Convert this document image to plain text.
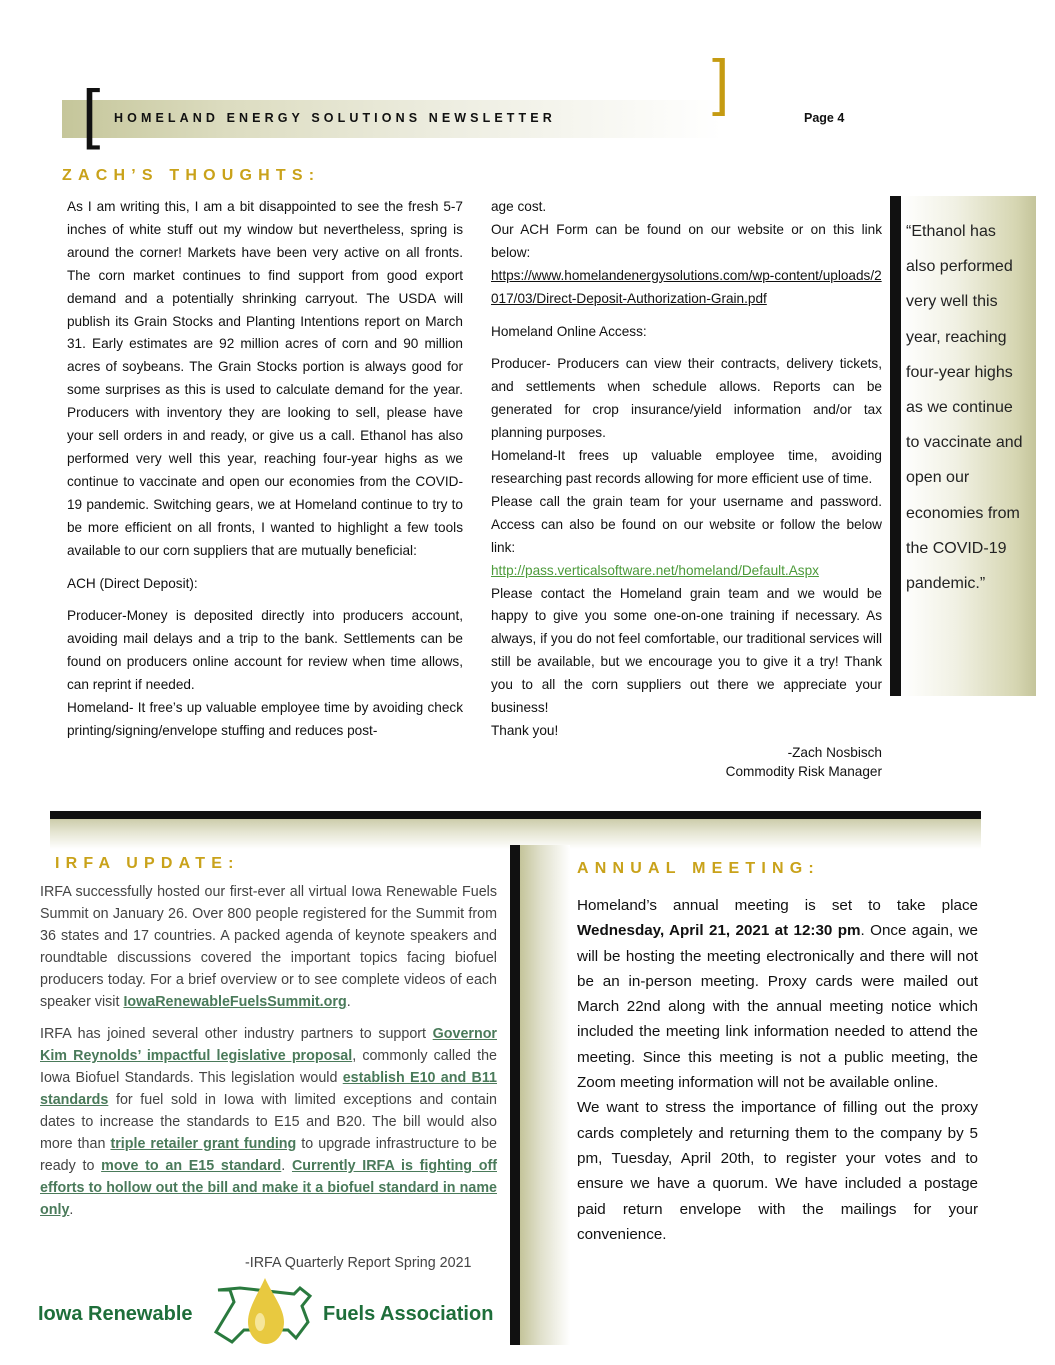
[	]
HOMELAND ENERGY SOLUTIONS NEWSLETTER	Page 4
ZACH’S THOUGHTS:

As I am writing this, I am a bit disappointed to see the fresh 5-7 inches of white stuff out my window but nevertheless, spring is around the corner! Markets have been very active on all fronts. The corn market continues to find support from good export demand and a potentially shrinking carryout. The USDA will publish its Grain Stocks and Planting Intentions report on March 31. Early estimates are 92 million acres of corn and 90 million acres of soybeans. The Grain Stocks portion is always good for some surprises as this is used to calculate demand for the year. Producers with inventory they are looking to sell, please have your sell orders in and ready, or give us a call. Ethanol has also performed very well this year, reaching four-year highs as we continue to vaccinate and open our economies from the COVID-19 pandemic. Switching gears, we at Homeland continue to try to be more efficient on all fronts, I wanted to highlight a few tools available to our corn suppliers that are mutually beneficial:

ACH (Direct Deposit):

Producer-Money is deposited directly into producers account, avoiding mail delays and a trip to the bank. Settlements can be found on producers online account for review when time allows, can reprint if needed.

Homeland- It free’s up valuable employee time by avoiding check printing/signing/envelope stuffing and reduces post-

age cost.

Our ACH Form can be found on our website or on this link below:

https://www.homelandenergysolutions.com/wp-content/uploads/2017/03/Direct-Deposit-Authorization-Grain.pdf

Homeland Online Access:

Producer- Producers can view their contracts, delivery tickets, and settlements when schedule allows. Reports can be generated for crop insurance/yield information and/or tax planning purposes.

Homeland-It frees up valuable employee time, avoiding researching past records allowing for more efficient use of time.

Please call the grain team for your username and password. Access can also be found on our website or follow the below link:

http://pass.verticalsoftware.net/homeland/Default.Aspx

Please contact the Homeland grain team and we would be happy to give you some one-on-one training if necessary. As always, if you do not feel comfortable, our traditional services will still be available, but we encourage you to give it a try! Thank you to all the corn suppliers out there we appreciate your business!

Thank you!

-Zach Nosbisch

Commodity Risk Manager

“Ethanol has also performed very well this year, reaching four-year highs as we continue to vaccinate and open our economies from the COVID-19 pandemic.”
IRFA UPDATE:

IRFA successfully hosted our first-ever all virtual Iowa Renewable Fuels Summit on January 26. Over 800 people registered for the Summit from 36 states and 17 countries. A packed agenda of keynote speakers and roundtable discussions covered the important topics facing biofuel producers today. For a brief overview or to see complete videos of each speaker visit IowaRenewableFuelsSummit.org.

IRFA has joined several other industry partners to support Governor Kim Reynolds’ impactful legislative proposal, commonly called the Iowa Biofuel Standards. This legislation would establish E10 and B11 standards for fuel sold in Iowa with limited exceptions and contain dates to increase the standards to E15 and B20. The bill would also more than triple retailer grant funding to upgrade infrastructure to be ready to move to an E15 standard. Currently IRFA is fighting off efforts to hollow out the bill and make it a biofuel standard in name only.

-IRFA Quarterly Report Spring 2021
Iowa Renewable	Fuels Association
ANNUAL MEETING:

Homeland’s annual meeting is set to take place Wednesday, April 21, 2021 at 12:30 pm. Once again, we will be hosting the meeting electronically and there will not be an in-person meeting. Proxy cards were mailed out March 22nd along with the annual meeting notice which included the meeting link information needed to attend the meeting. Since this meeting is not a public meeting, the Zoom meeting information will not be available online.

We want to stress the importance of filling out the proxy cards completely and returning them to the company by 5 pm, Tuesday, April 20th, to register your votes and to ensure we have a quorum. We have included a postage paid return envelope with the mailings for your convenience.
